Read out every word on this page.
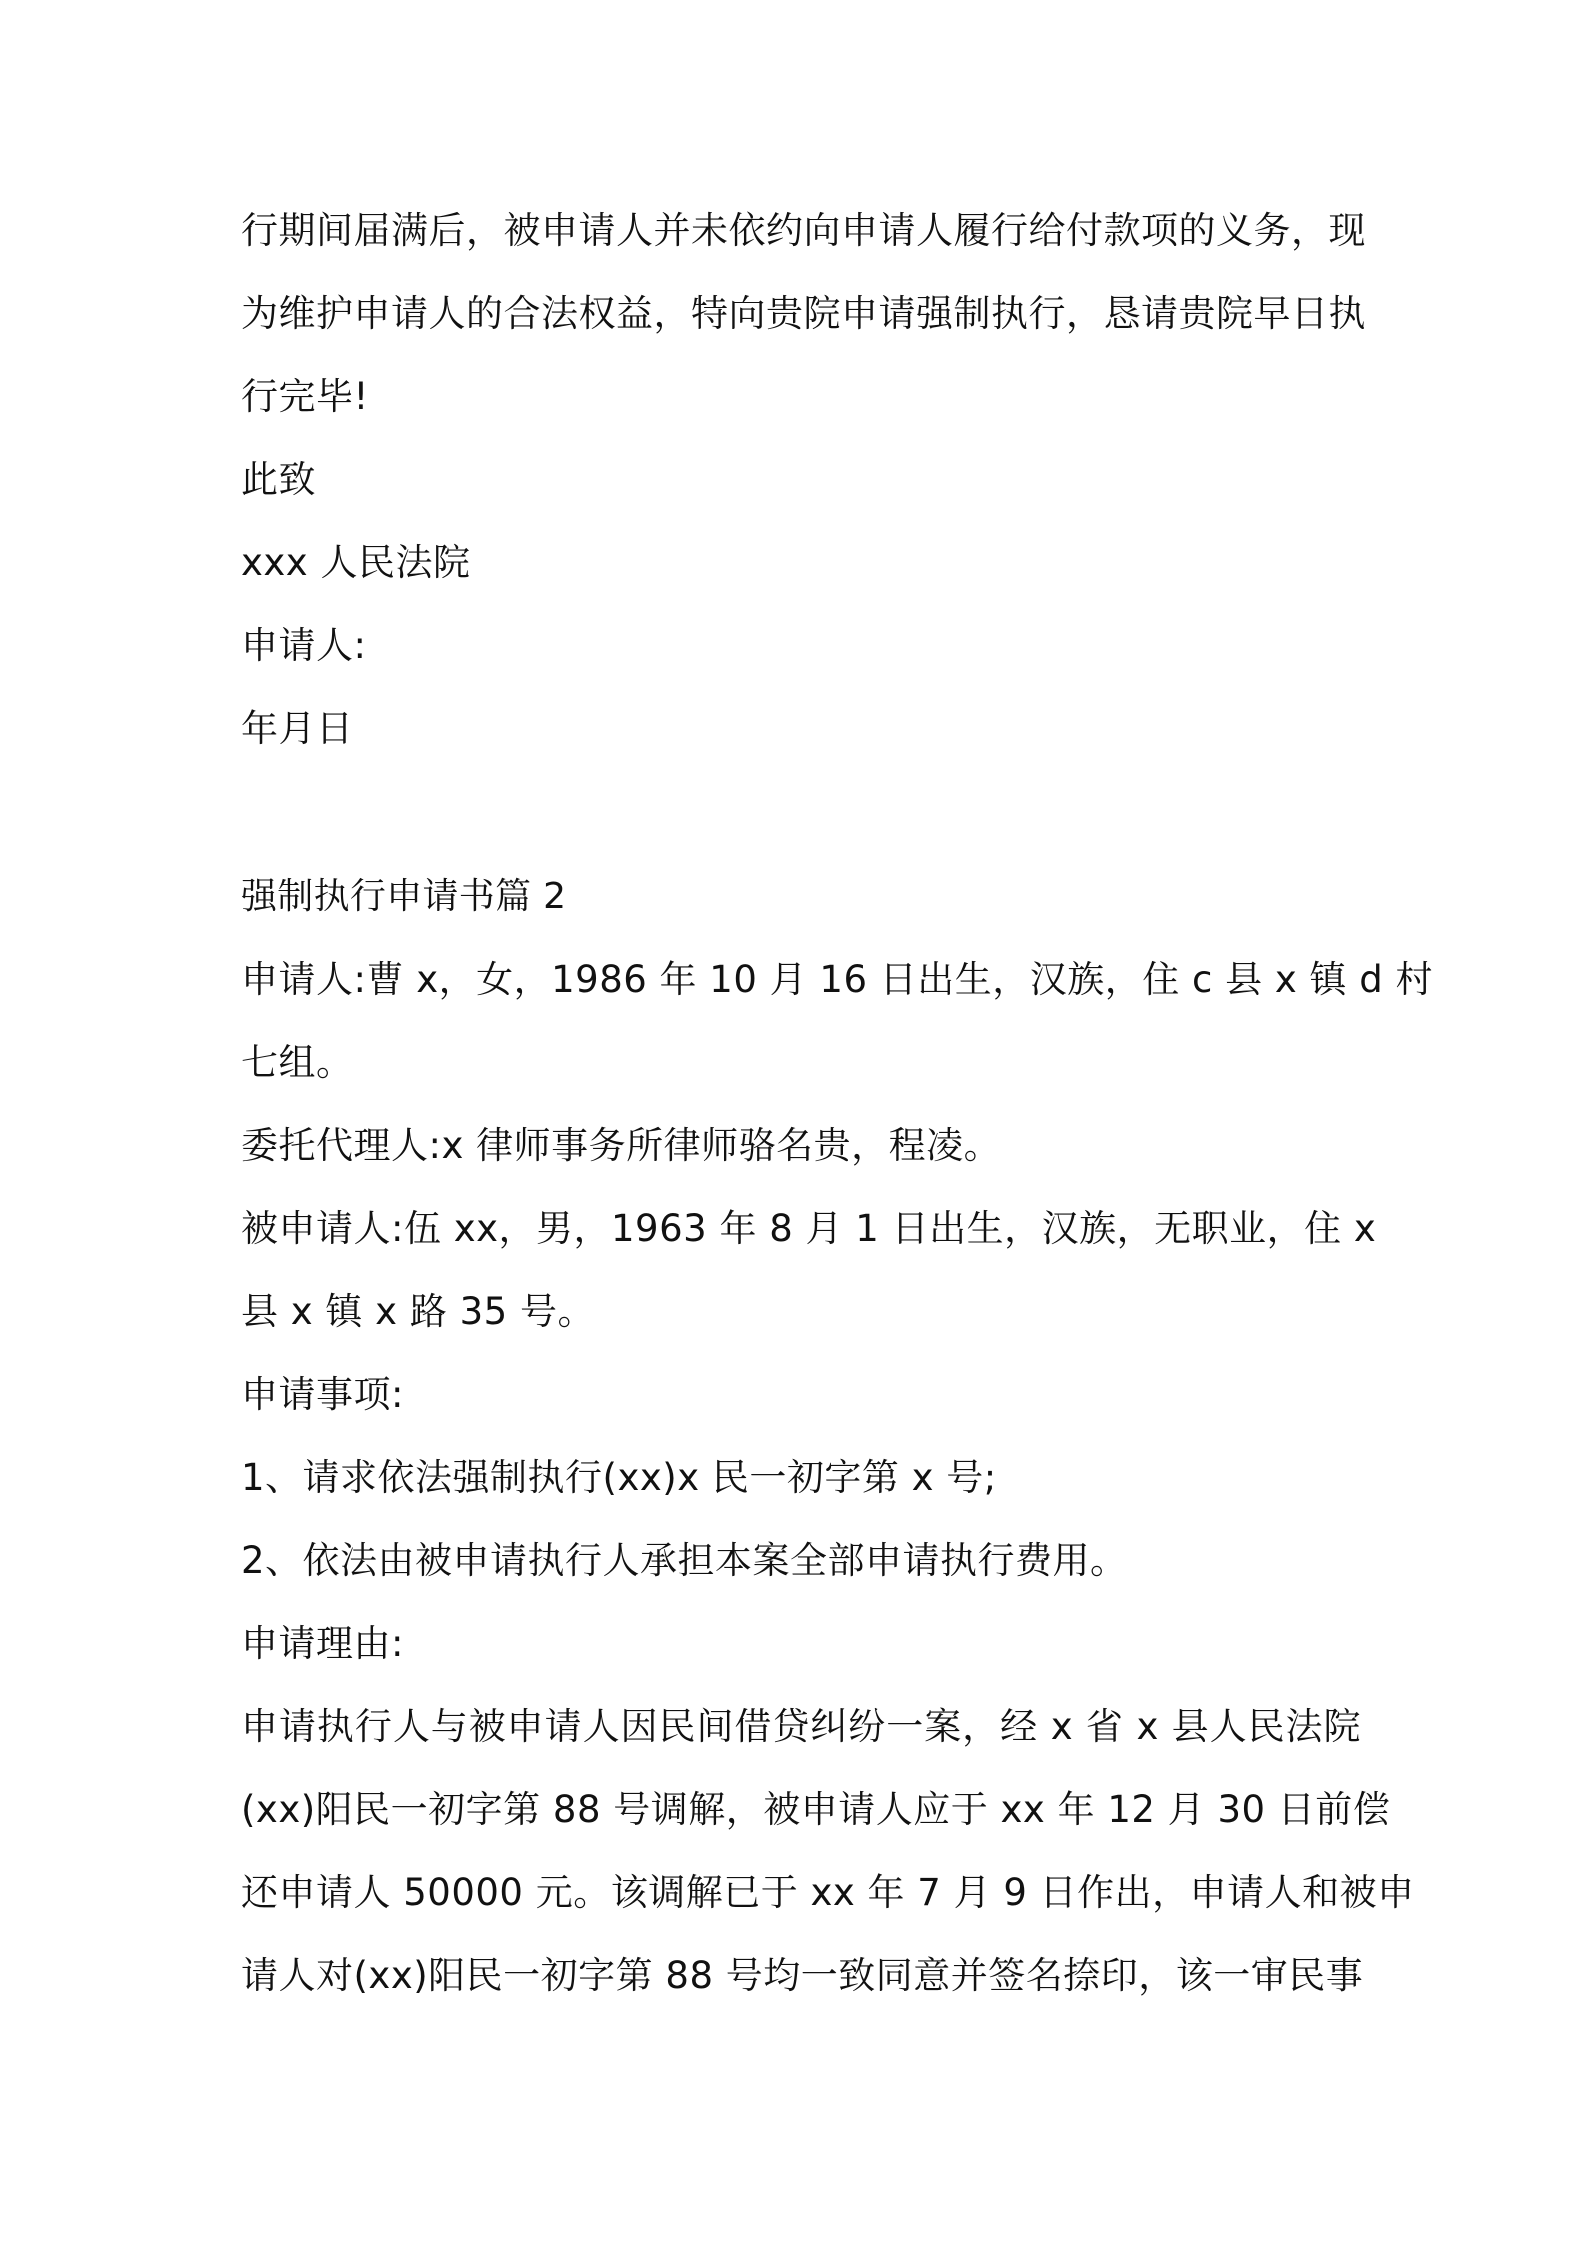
行期间届满后，被申请人并未依约向申请人履行给付款项的义务，现
为维护申请人的合法权益，特向贵院申请强制执行，恳请贵院早日执
行完毕!
此致
xxx 人民法院
申请人:
年月日
强制执行申请书篇 2
申请人:曹 x，女，1986 年 10 月 16 日出生，汉族，住 c 县 x 镇 d 村
七组。
委托代理人:x 律师事务所律师骆名贵，程凌。
被申请人:伍 xx，男，1963 年 8 月 1 日出生，汉族，无职业，住 x
县 x 镇 x 路 35 号。
申请事项:
1、请求依法强制执行(xx)x 民一初字第 x 号;
2、依法由被申请执行人承担本案全部申请执行费用。
申请理由:
申请执行人与被申请人因民间借贷纠纷一案，经 x 省 x 县人民法院
(xx)阳民一初字第 88 号调解，被申请人应于 xx 年 12 月 30 日前偿
还申请人 50000 元。该调解已于 xx 年 7 月 9 日作出，申请人和被申
请人对(xx)阳民一初字第 88 号均一致同意并签名捺印，该一审民事
